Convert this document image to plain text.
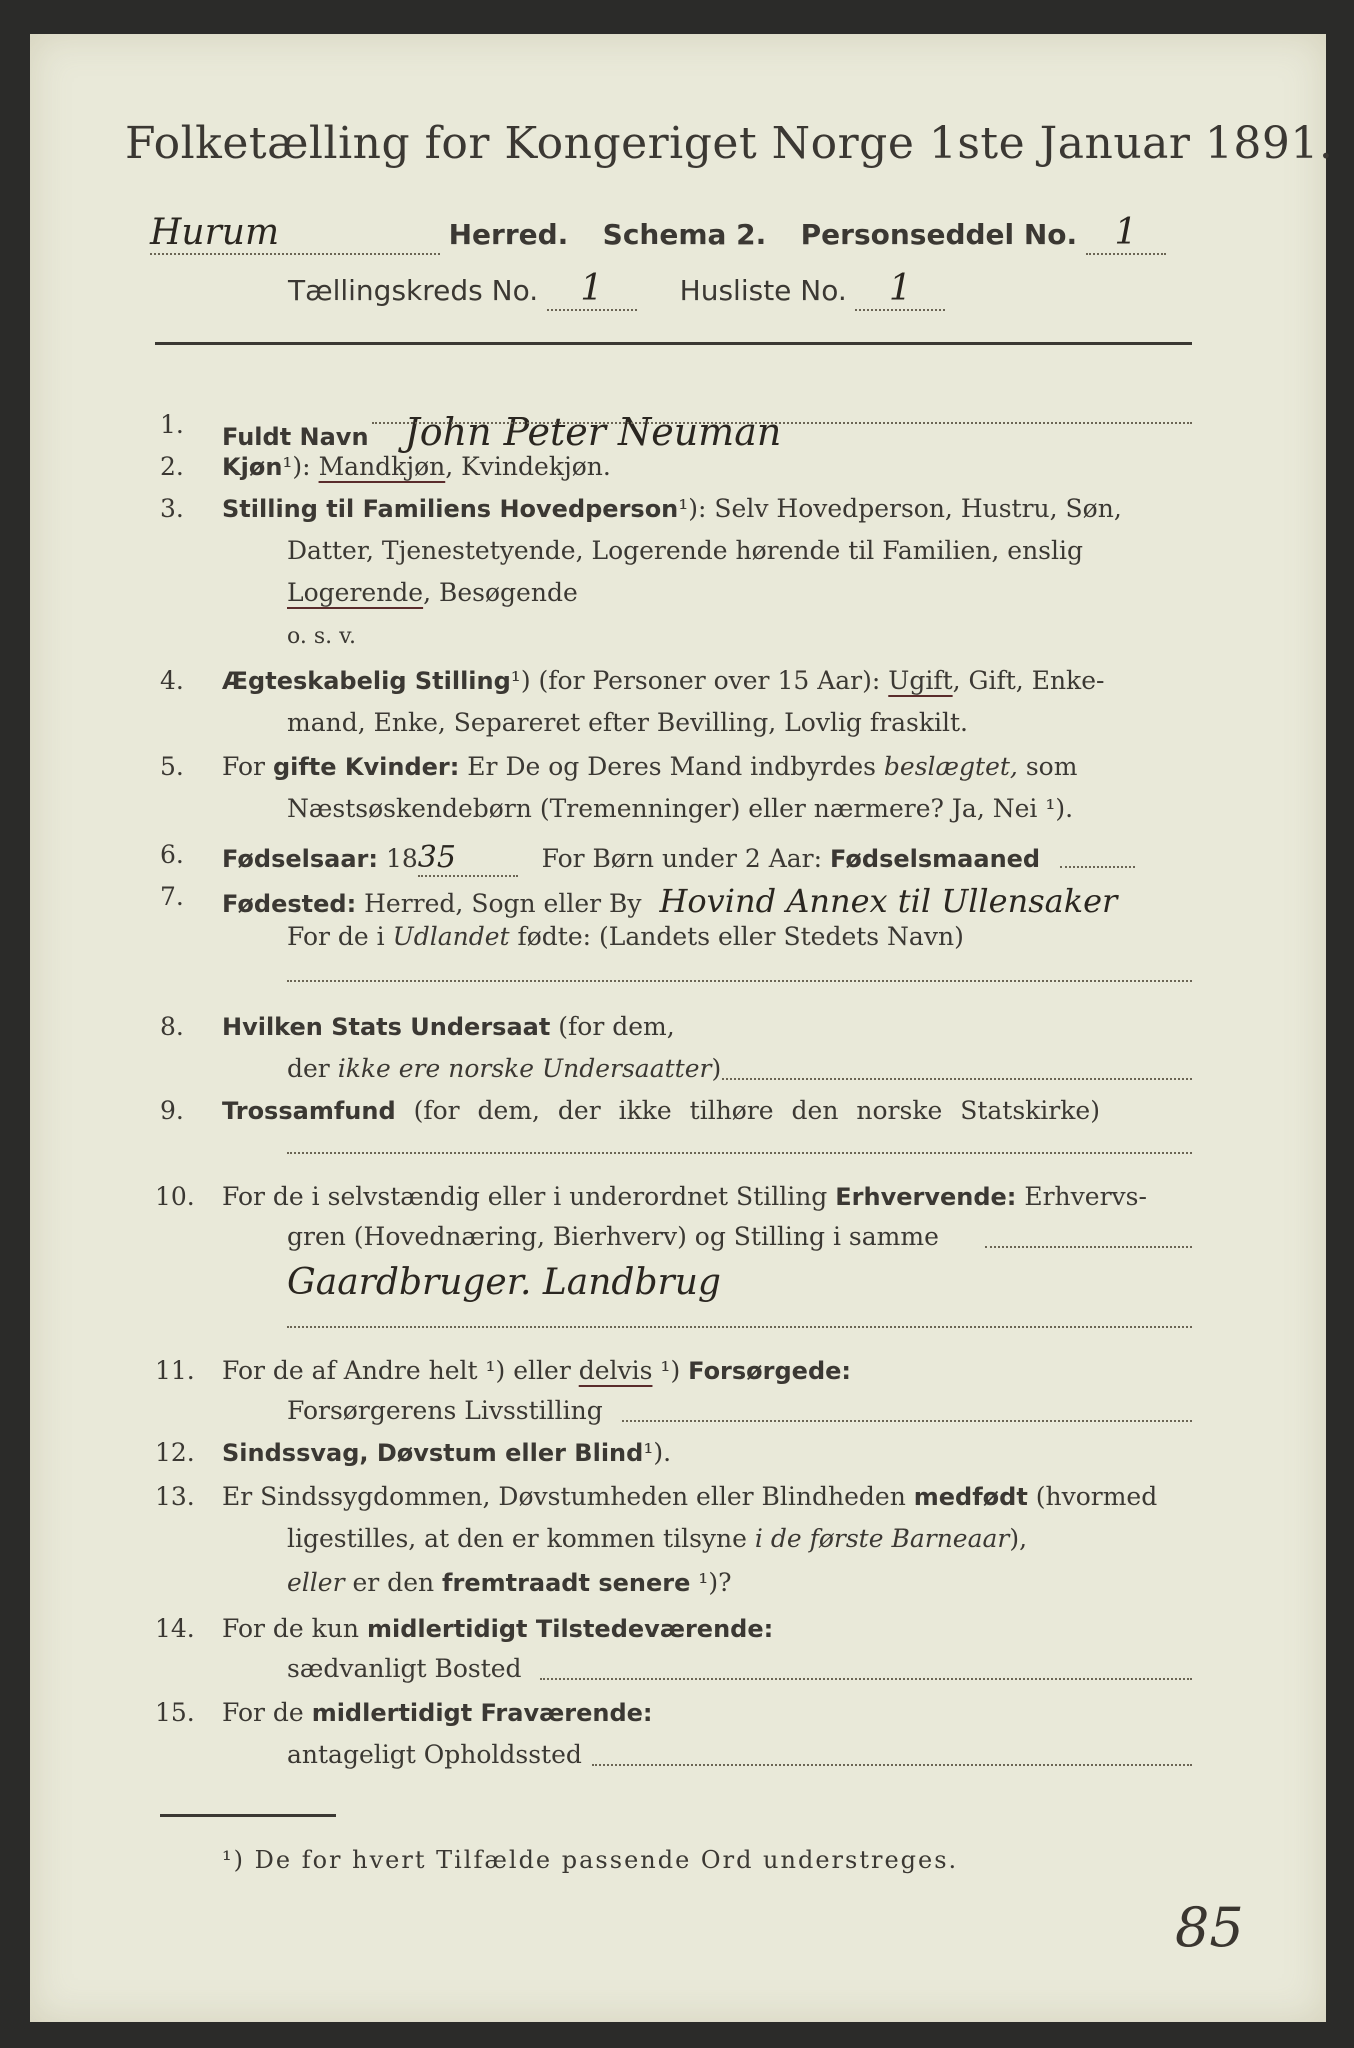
Folketælling for Kongeriget Norge 1ste Januar 1891.
Hurum	Herred. Schema 2. Personseddel No. 1
Tællingskreds No. 1	Husliste No. 1
1. Fuldt Navn John Peter Neuman
2. Kjøn¹): Mandkjøn, Kvindekjøn.
3. Stilling til Familiens Hovedperson¹): Selv Hovedperson, Hustru, Søn,
Datter, Tjenestetyende, Logerende hørende til Familien, enslig
Logerende, Besøgende
o. s. v.
4. Ægteskabelig Stilling¹) (for Personer over 15 Aar): Ugift, Gift, Enke-
mand, Enke, Separeret efter Bevilling, Lovlig fraskilt.
5. For gifte Kvinder: Er De og Deres Mand indbyrdes beslægtet, som
Næstsøskendebørn (Tremenninger) eller nærmere? Ja, Nei ¹).
6. Fødselsaar: 1835	For Børn under 2 Aar: Fødselsmaaned
7. Fødested: Herred, Sogn eller By Hovind Annex til Ullensaker
For de i Udlandet fødte: (Landets eller Stedets Navn)
8. Hvilken Stats Undersaat (for dem,
der ikke ere norske Undersaatter)
9. Trossamfund (for dem, der ikke tilhøre den norske Statskirke)
10. For de i selvstændig eller i underordnet Stilling Erhvervende: Erhvervs-
gren (Hovednæring, Bierhverv) og Stilling i samme
Gaardbruger. Landbrug
11. For de af Andre helt ¹) eller delvis ¹) Forsørgede:
Forsørgerens Livsstilling
12. Sindssvag, Døvstum eller Blind¹).
13. Er Sindssygdommen, Døvstumheden eller Blindheden medfødt (hvormed
ligestilles, at den er kommen tilsyne i de første Barneaar),
eller er den fremtraadt senere ¹)?
14. For de kun midlertidigt Tilstedeværende:
sædvanligt Bosted
15. For de midlertidigt Fraværende:
antageligt Opholdssted
¹) De for hvert Tilfælde passende Ord understreges.
85
